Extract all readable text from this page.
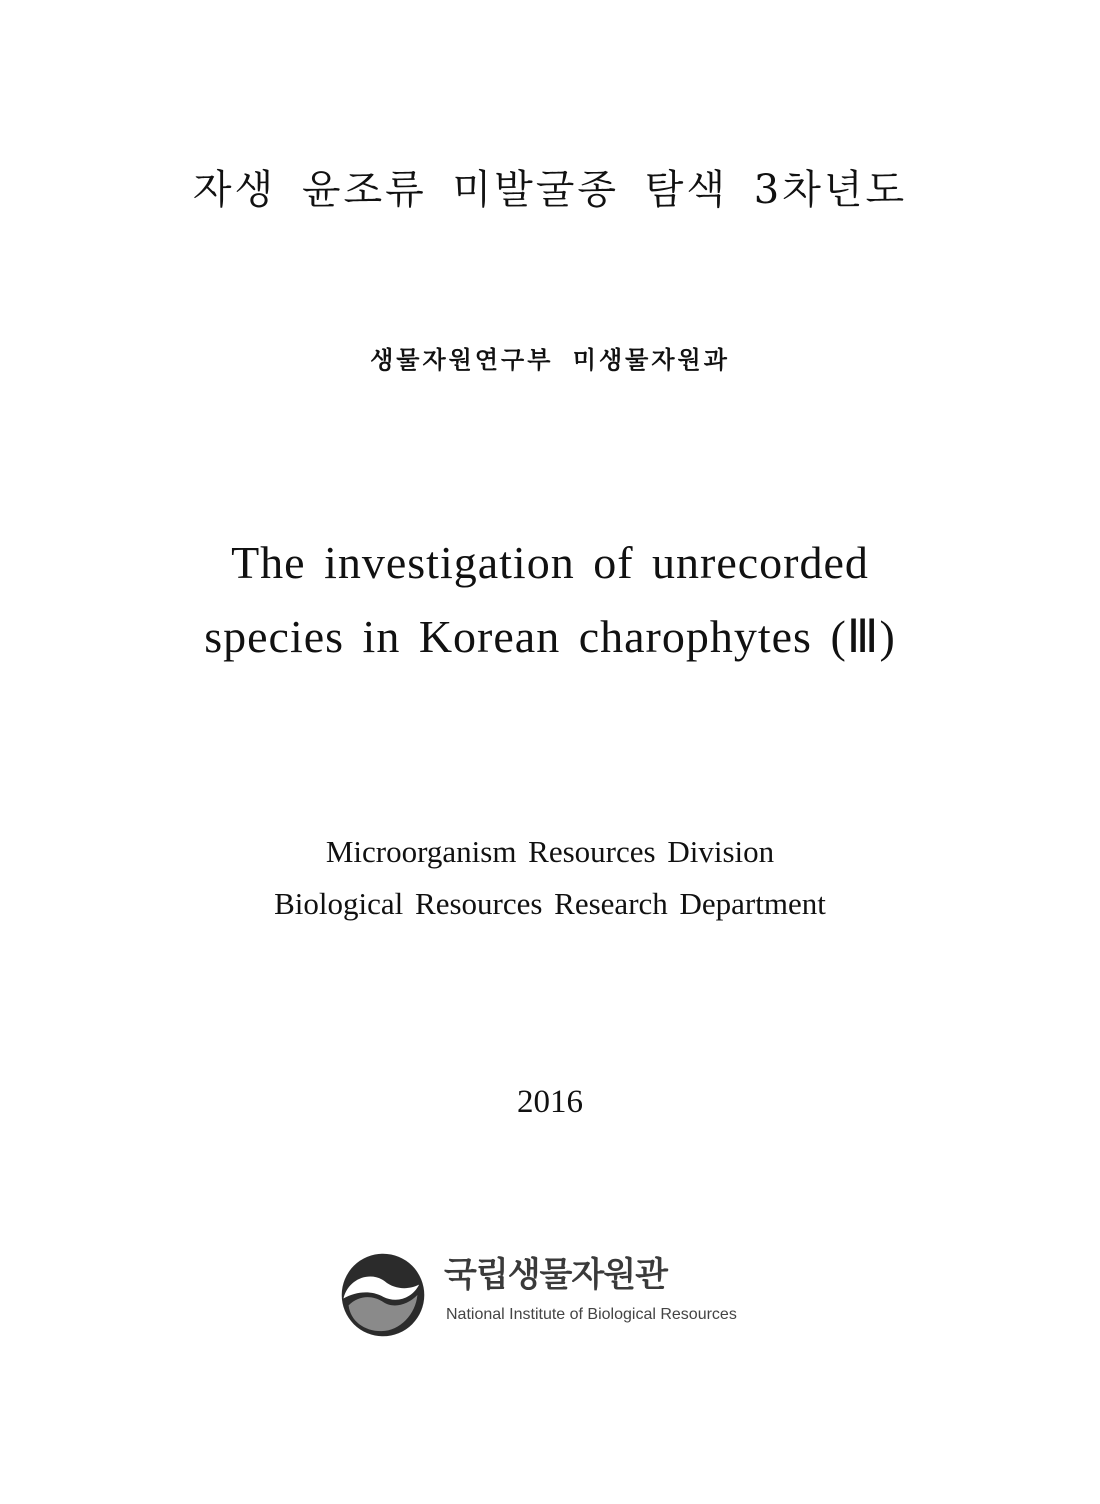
자생 윤조류 미발굴종 탐색 3차년도
생물자원연구부 미생물자원과
The investigation of unrecorded
species in Korean charophytes (Ⅲ)
Microorganism Resources Division
Biological Resources Research Department
2016
국립생물자원관
National Institute of Biological Resources
